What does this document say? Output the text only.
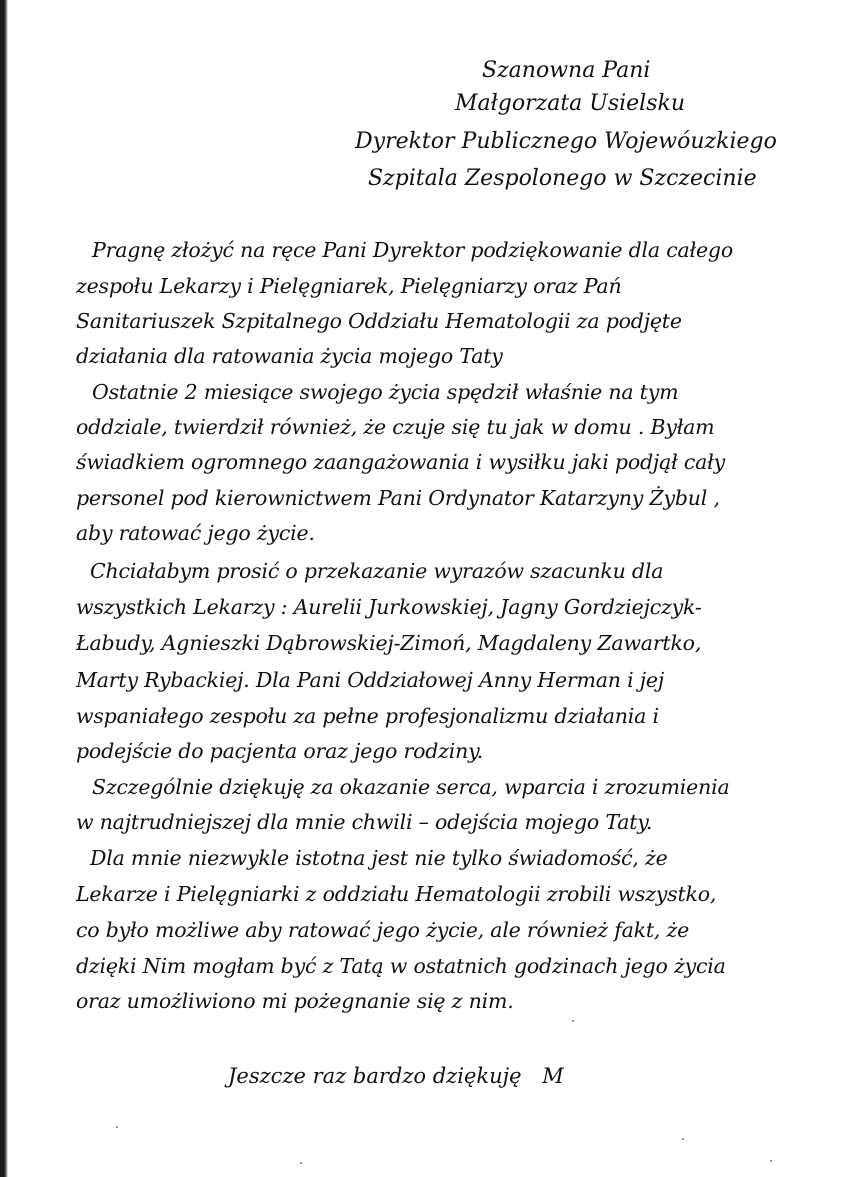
Szanowna Pani
Małgorzata Usielsku
Dyrektor Publicznego Wojewóuzkiego
Szpitala Zespolonego w Szczecinie
Pragnę złożyć na ręce Pani Dyrektor podziękowanie dla całego
zespołu Lekarzy i Pielęgniarek, Pielęgniarzy oraz Pań
Sanitariuszek Szpitalnego Oddziału Hematologii za podjęte
działania dla ratowania życia mojego Taty
Ostatnie 2 miesiące swojego życia spędził właśnie na tym
oddziale, twierdził również, że czuje się tu jak w domu . Byłam
świadkiem ogromnego zaangażowania i wysiłku jaki podjął cały
personel pod kierownictwem Pani Ordynator Katarzyny Żybul ,
aby ratować jego życie.
Chciałabym prosić o przekazanie wyrazów szacunku dla
wszystkich Lekarzy : Aurelii Jurkowskiej, Jagny Gordziejczyk-
Łabudy, Agnieszki Dąbrowskiej-Zimoń, Magdaleny Zawartko,
Marty Rybackiej. Dla Pani Oddziałowej Anny Herman i jej
wspaniałego zespołu za pełne profesjonalizmu działania i
podejście do pacjenta oraz jego rodziny.
Szczególnie dziękuję za okazanie serca, wparcia i zrozumienia
w najtrudniejszej dla mnie chwili – odejścia mojego Taty.
Dla mnie niezwykle istotna jest nie tylko świadomość, że
Lekarze i Pielęgniarki z oddziału Hematologii zrobili wszystko,
co było możliwe aby ratować jego życie, ale również fakt, że
dzięki Nim mogłam być z Tatą w ostatnich godzinach jego życia
oraz umożliwiono mi pożegnanie się z nim.
Jeszcze raz bardzo dziękuję M
